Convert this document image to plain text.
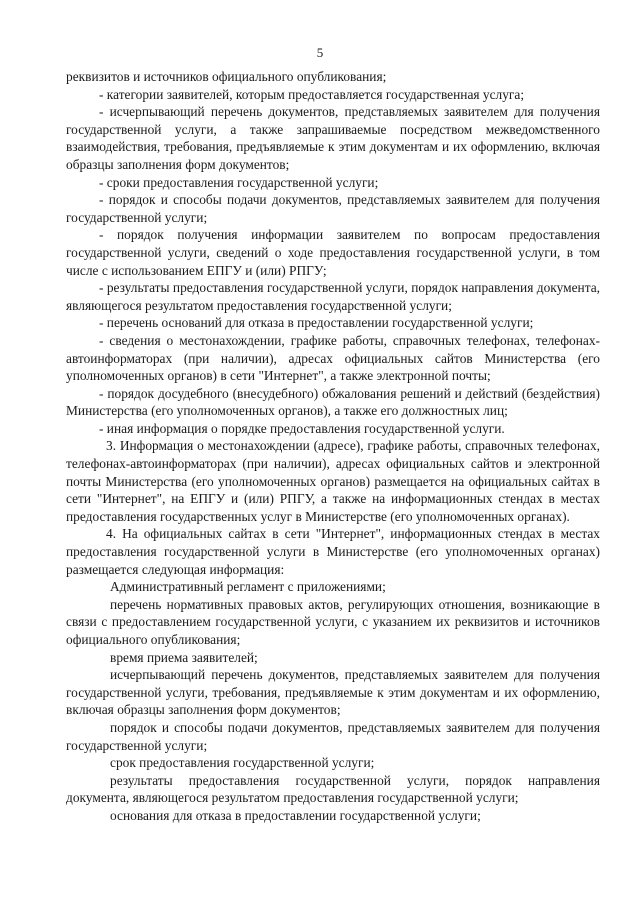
5

реквизитов и источников официального опубликования;

- категории заявителей, которым предоставляется государственная услуга;

- исчерпывающий перечень документов, представляемых заявителем для получения государственной услуги, а также запрашиваемые посредством межведомственного взаимодействия, требования, предъявляемые к этим документам и их оформлению, включая образцы заполнения форм документов;

- сроки предоставления государственной услуги;

- порядок и способы подачи документов, представляемых заявителем для получения государственной услуги;

- порядок получения информации заявителем по вопросам предоставления государственной услуги, сведений о ходе предоставления государственной услуги, в том числе с использованием ЕПГУ и (или) РПГУ;

- результаты предоставления государственной услуги, порядок направления документа, являющегося результатом предоставления государственной услуги;

- перечень оснований для отказа в предоставлении государственной услуги;

- сведения о местонахождении, графике работы, справочных телефонах, телефонах-автоинформаторах (при наличии), адресах официальных сайтов Министерства (его уполномоченных органов) в сети "Интернет", а также электронной почты;

- порядок досудебного (внесудебного) обжалования решений и действий (бездействия) Министерства (его уполномоченных органов), а также его должностных лиц;

- иная информация о порядке предоставления государственной услуги.

3. Информация о местонахождении (адресе), графике работы, справочных телефонах, телефонах-автоинформаторах (при наличии), адресах официальных сайтов и электронной почты Министерства (его уполномоченных органов) размещается на официальных сайтах в сети "Интернет", на ЕПГУ и (или) РПГУ, а также на информационных стендах в местах предоставления государственных услуг в Министерстве (его уполномоченных органах).

4. На официальных сайтах в сети "Интернет", информационных стендах в местах предоставления государственной услуги в Министерстве (его уполномоченных органах) размещается следующая информация:

Административный регламент с приложениями;

перечень нормативных правовых актов, регулирующих отношения, возникающие в связи с предоставлением государственной услуги, с указанием их реквизитов и источников официального опубликования;

время приема заявителей;

исчерпывающий перечень документов, представляемых заявителем для получения государственной услуги, требования, предъявляемые к этим документам и их оформлению, включая образцы заполнения форм документов;

порядок и способы подачи документов, представляемых заявителем для получения государственной услуги;

срок предоставления государственной услуги;

результаты предоставления государственной услуги, порядок направления документа, являющегося результатом предоставления государственной услуги;

основания для отказа в предоставлении государственной услуги;
